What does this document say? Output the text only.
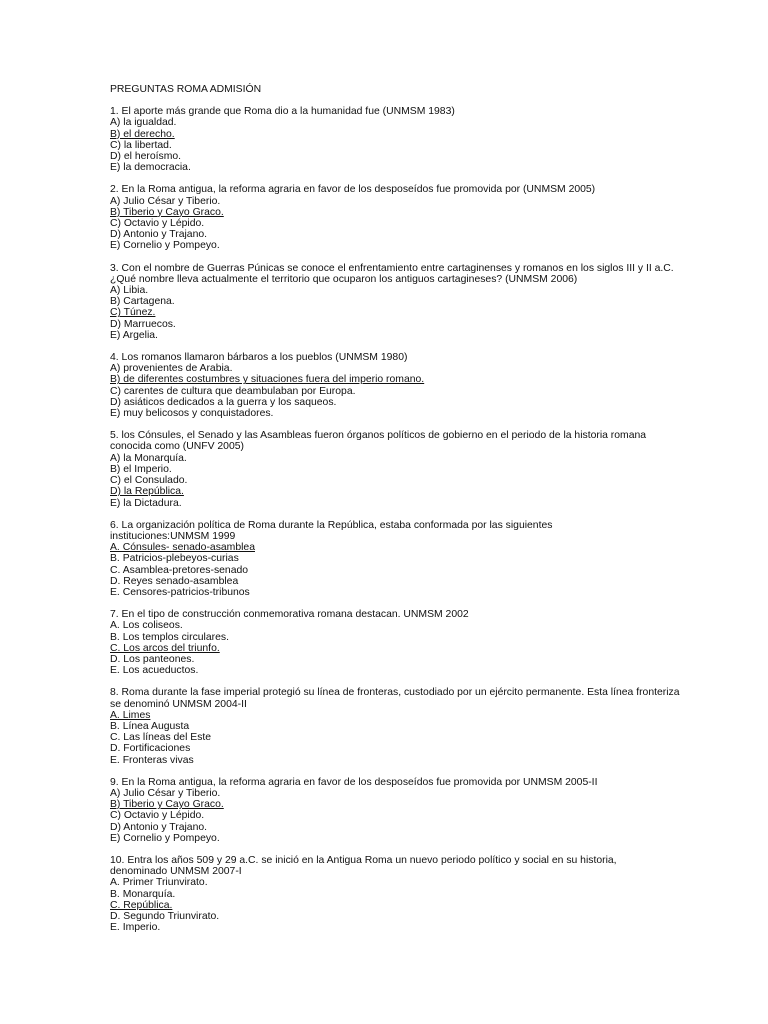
PREGUNTAS ROMA ADMISIÓN
1. El aporte más grande que Roma dio a la humanidad fue (UNMSM 1983)
A) la igualdad.
B) el derecho.
C) la libertad.
D) el heroísmo.
E) la democracia.
2. En la Roma antigua, la reforma agraria en favor de los desposeídos fue promovida por (UNMSM 2005)
A) Julio César y Tiberio.
B) Tiberio y Cayo Graco.
C) Octavio y Lépido.
D) Antonio y Trajano.
E) Cornelio y Pompeyo.
3. Con el nombre de Guerras Púnicas se conoce el enfrentamiento entre cartaginenses y romanos en los siglos III y II a.C.
¿Qué nombre lleva actualmente el territorio que ocuparon los antiguos cartagineses? (UNMSM 2006)
A) Libia.
B) Cartagena.
C) Túnez.
D) Marruecos.
E) Argelia.
4. Los romanos llamaron bárbaros a los pueblos (UNMSM 1980)
A) provenientes de Arabia.
B) de diferentes costumbres y situaciones fuera del imperio romano.
C) carentes de cultura que deambulaban por Europa.
D) asiáticos dedicados a la guerra y los saqueos.
E) muy belicosos y conquistadores.
5. los Cónsules, el Senado y las Asambleas fueron órganos políticos de gobierno en el periodo de la historia romana
conocida como (UNFV 2005)
A) la Monarquía.
B) el Imperio.
C) el Consulado.
D) la República.
E) la Dictadura.
6. La organización política de Roma durante la República, estaba conformada por las siguientes
instituciones:UNMSM 1999
A. Cónsules- senado-asamblea
B. Patricios-plebeyos-curias
C. Asamblea-pretores-senado
D. Reyes senado-asamblea
E. Censores-patricios-tribunos
7. En el tipo de construcción conmemorativa romana destacan. UNMSM 2002
A. Los coliseos.
B. Los templos circulares.
C. Los arcos del triunfo.
D. Los panteones.
E. Los acueductos.
8. Roma durante la fase imperial protegió su línea de fronteras, custodiado por un ejército permanente. Esta línea fronteriza
se denominó UNMSM 2004-II
A. Limes
B. Línea Augusta
C. Las líneas del Este
D. Fortificaciones
E. Fronteras vivas
9. En la Roma antigua, la reforma agraria en favor de los desposeídos fue promovida por UNMSM 2005-II
A) Julio César y Tiberio.
B) Tiberio y Cayo Graco.
C) Octavio y Lépido.
D) Antonio y Trajano.
E) Cornelio y Pompeyo.
10. Entra los años 509 y 29 a.C. se inició en la Antigua Roma un nuevo periodo político y social en su historia,
denominado UNMSM 2007-I
A. Primer Triunvirato.
B. Monarquía.
C. República.
D. Segundo Triunvirato.
E. Imperio.
